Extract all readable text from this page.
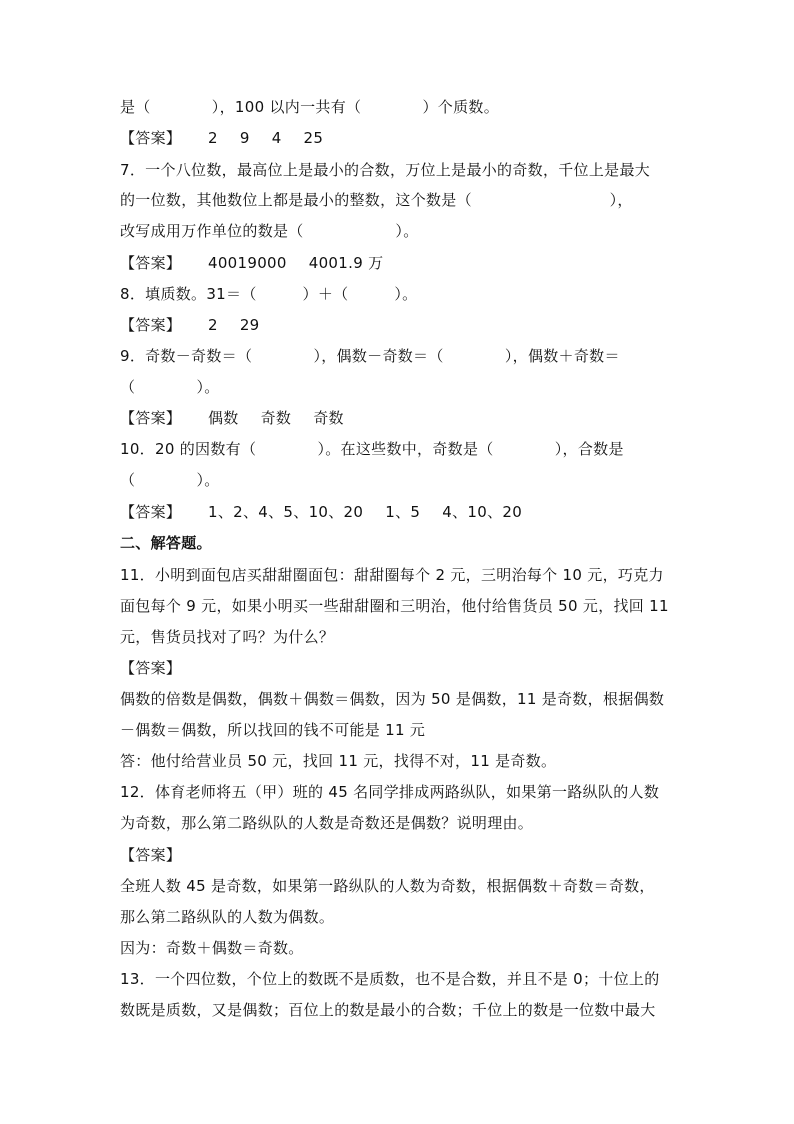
是（　　　　），100 以内一共有（　　　　）个质数。
【答案】 2 9 4 25
7．一个八位数，最高位上是最小的合数，万位上是最小的奇数，千位上是最大
的一位数，其他数位上都是最小的整数，这个数是（　　　　　　　　　），
改写成用万作单位的数是（　　　　　　）。
【答案】 40019000 4001.9 万
8．填质数。31＝（　　　）＋（　　　）。
【答案】 2 29
9．奇数－奇数＝（　　　　），偶数－奇数＝（　　　　），偶数＋奇数＝
（　　　　）。
【答案】 偶数 奇数 奇数
10．20 的因数有（　　　　）。在这些数中，奇数是（　　　　），合数是
（　　　　）。
【答案】 1、2、4、5、10、20 1、5 4、10、20
二、解答题。
11．小明到面包店买甜甜圈面包：甜甜圈每个 2 元，三明治每个 10 元，巧克力
面包每个 9 元，如果小明买一些甜甜圈和三明治，他付给售货员 50 元，找回 11
元，售货员找对了吗？为什么？
【答案】
偶数的倍数是偶数，偶数＋偶数＝偶数，因为 50 是偶数，11 是奇数，根据偶数
－偶数＝偶数，所以找回的钱不可能是 11 元
答：他付给营业员 50 元，找回 11 元，找得不对，11 是奇数。
12．体育老师将五（甲）班的 45 名同学排成两路纵队，如果第一路纵队的人数
为奇数，那么第二路纵队的人数是奇数还是偶数？说明理由。
【答案】
全班人数 45 是奇数，如果第一路纵队的人数为奇数，根据偶数＋奇数＝奇数，
那么第二路纵队的人数为偶数。
因为：奇数＋偶数＝奇数。
13．一个四位数，个位上的数既不是质数，也不是合数，并且不是 0；十位上的
数既是质数，又是偶数；百位上的数是最小的合数；千位上的数是一位数中最大
